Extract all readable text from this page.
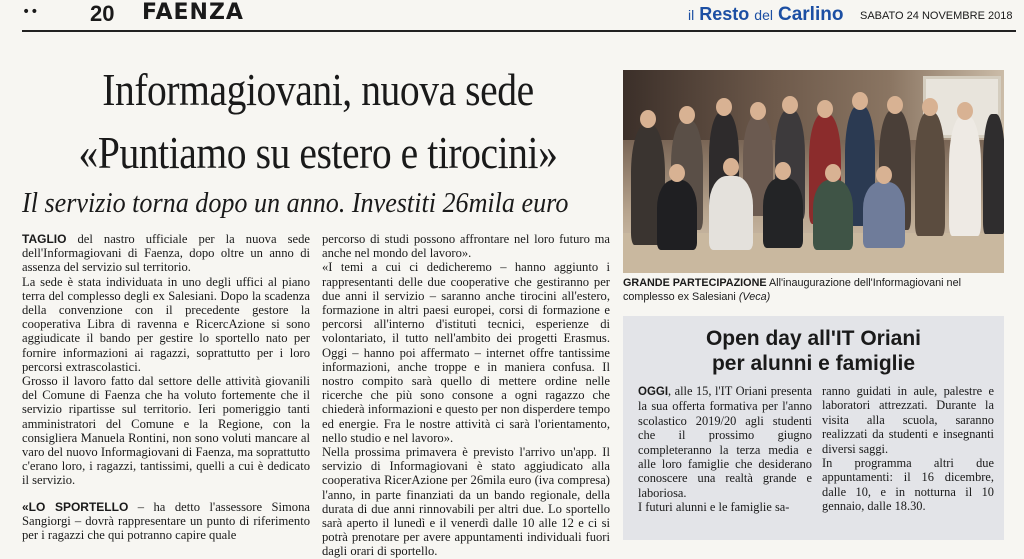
•• 20 FAENZA	il Resto del Carlino SABATO 24 NOVEMBRE 2018
Informagiovani, nuova sede
«Puntiamo su estero e tirocini»
Il servizio torna dopo un anno. Investiti 26mila euro

TAGLIO del nastro ufficiale per la nuova sede dell'Informagiovani di Faenza, dopo oltre un anno di assenza del servizio sul territorio.

La sede è stata individuata in uno degli uffici al piano terra del complesso degli ex Salesiani. Dopo la scadenza della convenzione con il precedente gestore la cooperativa Libra di ravenna e RicercAzione si sono aggiudicate il bando per gestire lo sportello nato per fornire informazioni ai ragazzi, soprattutto per i loro percorsi extrascolastici.

Grosso il lavoro fatto dal settore delle attività giovanili del Comune di Faenza che ha voluto fortemente che il servizio ripartisse sul territorio. Ieri pomeriggio tanti amministratori del Comune e la Regione, con la consigliera Manuela Rontini, non sono voluti mancare al varo del nuovo Informagiovani di Faenza, ma soprattutto c'erano loro, i ragazzi, tantissimi, quelli a cui è dedicato il servizio.

«LO SPORTELLO – ha detto l'assessore Simona Sangiorgi – dovrà rappresentare un punto di riferimento per i ragazzi che qui potranno capire quale

percorso di studi possono affrontare nel loro futuro ma anche nel mondo del lavoro».

«I temi a cui ci dedicheremo – hanno aggiunto i rappresentanti delle due cooperative che gestiranno per due anni il servizio – saranno anche tirocini all'estero, formazione in altri paesi europei, corsi di formazione e percorsi all'interno d'istituti tecnici, esperienze di volontariato, il tutto nell'ambito dei progetti Erasmus. Oggi – hanno poi affermato – internet offre tantissime informazioni, anche troppe e in maniera confusa. Il nostro compito sarà quello di mettere ordine nelle ricerche che più sono consone a ogni ragazzo che chiederà informazioni e questo per non disperdere tempo ed energie. Fra le nostre attività ci sarà l'orientamento, nello studio e nel lavoro».

Nella prossima primavera è previsto l'arrivo un'app. Il servizio di Informagiovani è stato aggiudicato alla cooperativa RicerAzione per 26mila euro (iva compresa) l'anno, in parte finanziati da un bando regionale, della durata di due anni rinnovabili per altri due. Lo sportello sarà aperto il lunedì e il venerdì dalle 10 alle 12 e ci si potrà prenotare per avere appuntamenti individuali fuori dagli orari di sportello.

GRANDE PARTECIPAZIONE All'inaugurazione dell'Informagiovani nel complesso ex Salesiani (Veca)
Open day all'IT Oriani
per alunni e famiglie

OGGI, alle 15, l'IT Oriani presenta la sua offerta formativa per l'anno scolastico 2019/20 agli studenti che il prossimo giugno completeranno la terza media e alle loro famiglie che desiderano conoscere una realtà grande e laboriosa.

I futuri alunni e le famiglie sa-

ranno guidati in aule, palestre e laboratori attrezzati. Durante la visita alla scuola, saranno realizzati da studenti e insegnanti diversi saggi.

In programma altri due appuntamenti: il 16 dicembre, dalle 10, e in notturna il 10 gennaio, dalle 18.30.
